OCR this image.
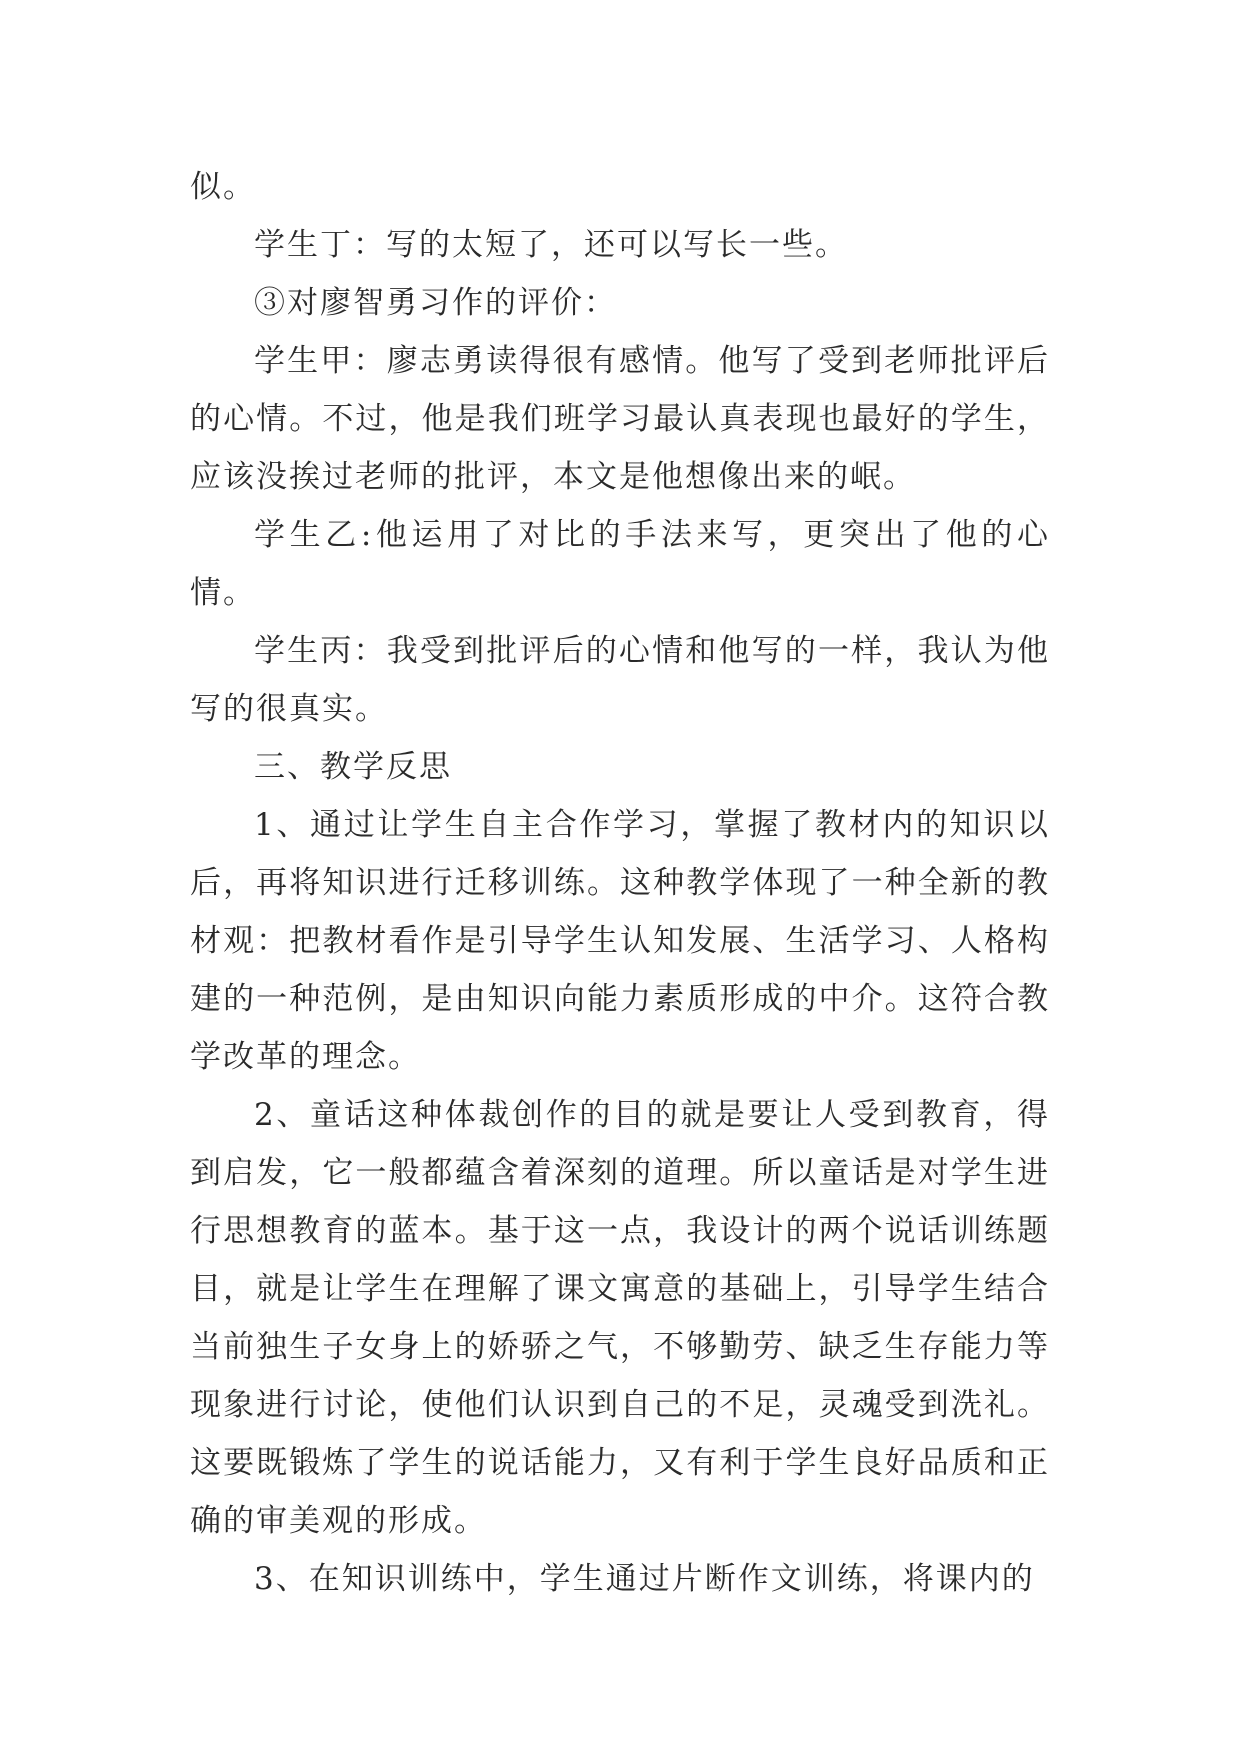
似。

学生丁：写的太短了，还可以写长一些。

③对廖智勇习作的评价：

学生甲：廖志勇读得很有感情。他写了受到老师批评后的心情。不过，他是我们班学习最认真表现也最好的学生，应该没挨过老师的批评，本文是他想像出来的岷。

学生乙:他运用了对比的手法来写，更突出了他的心情。

学生丙：我受到批评后的心情和他写的一样，我认为他写的很真实。

三、教学反思

1、通过让学生自主合作学习，掌握了教材内的知识以后，再将知识进行迁移训练。这种教学体现了一种全新的教材观：把教材看作是引导学生认知发展、生活学习、人格构建的一种范例，是由知识向能力素质形成的中介。这符合教学改革的理念。

2、童话这种体裁创作的目的就是要让人受到教育，得到启发，它一般都蕴含着深刻的道理。所以童话是对学生进行思想教育的蓝本。基于这一点，我设计的两个说话训练题目，就是让学生在理解了课文寓意的基础上，引导学生结合当前独生子女身上的娇骄之气，不够勤劳、缺乏生存能力等现象进行讨论，使他们认识到自己的不足，灵魂受到洗礼。这要既锻炼了学生的说话能力，又有利于学生良好品质和正确的审美观的形成。

3、在知识训练中，学生通过片断作文训练，将课内的
